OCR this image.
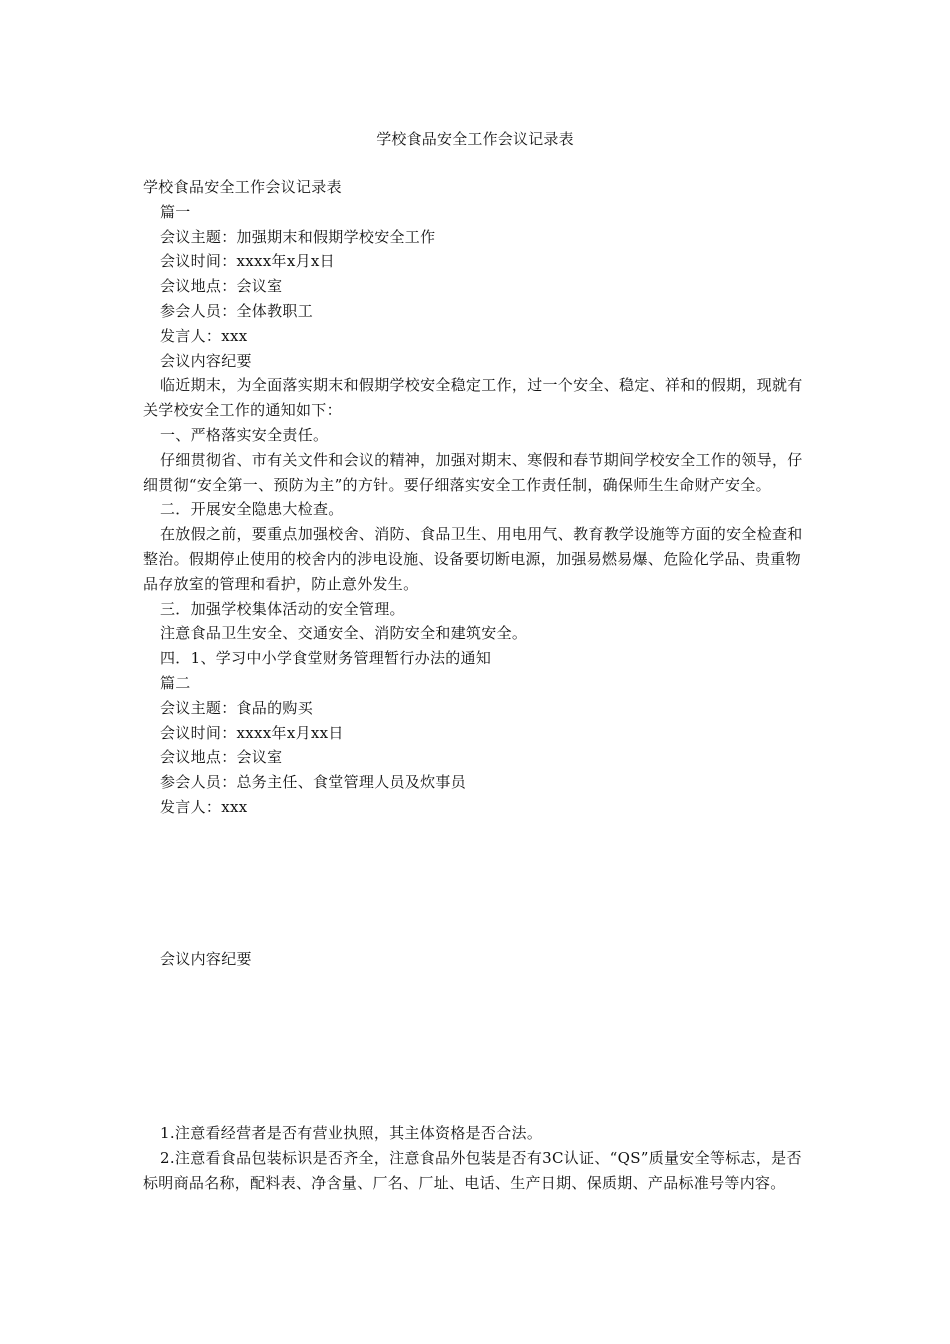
学校食品安全工作会议记录表

学校食品安全工作会议记录表

篇一

会议主题：加强期末和假期学校安全工作

会议时间：xxxx年x月x日

会议地点：会议室

参会人员：全体教职工

发言人：xxx

会议内容纪要

临近期末，为全面落实期末和假期学校安全稳定工作，过一个安全、稳定、祥和的假期，现就有关学校安全工作的通知如下：

一、严格落实安全责任。

仔细贯彻省、市有关文件和会议的精神，加强对期末、寒假和春节期间学校安全工作的领导，仔细贯彻“安全第一、预防为主”的方针。要仔细落实安全工作责任制，确保师生生命财产安全。

二．开展安全隐患大检查。

在放假之前，要重点加强校舍、消防、食品卫生、用电用气、教育教学设施等方面的安全检查和整治。假期停止使用的校舍内的涉电设施、设备要切断电源，加强易燃易爆、危险化学品、贵重物品存放室的管理和看护，防止意外发生。

三．加强学校集体活动的安全管理。

注意食品卫生安全、交通安全、消防安全和建筑安全。

四．1、学习中小学食堂财务管理暂行办法的通知

篇二

会议主题：食品的购买

会议时间：xxxx年x月xx日

会议地点：会议室

参会人员：总务主任、食堂管理人员及炊事员

发言人：xxx

会议内容纪要

1.注意看经营者是否有营业执照，其主体资格是否合法。

2.注意看食品包装标识是否齐全，注意食品外包装是否有3C认证、“QS”质量安全等标志，是否标明商品名称，配料表、净含量、厂名、厂址、电话、生产日期、保质期、产品标准号等内容。
